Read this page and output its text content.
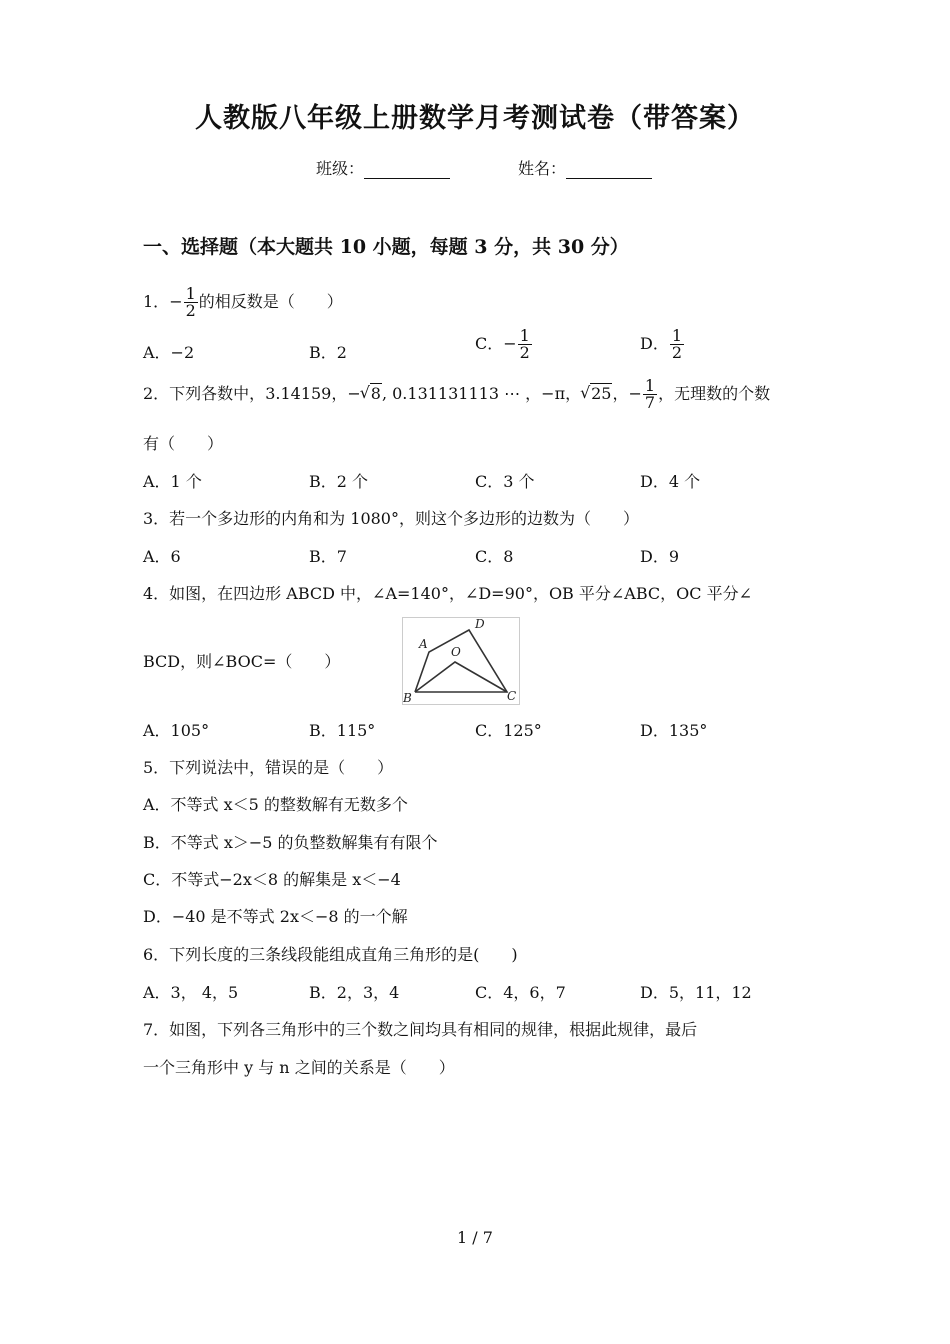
人教版八年级上册数学月考测试卷（带答案）
班级：	姓名：
一、选择题（本大题共 10 小题，每题 3 分，共 30 分）
1．− $\frac{1}{2}$ 的相反数是（　　）
A．−2	B．2	C．− $\frac{1}{2}$	D． $\frac{1}{2}$
2．下列各数中，3.14159，− √ 8, 0.131131113 ⋯ ，−π， √ 25，− $\frac{1}{7}$ ，无理数的个数
有（　　）
A．1 个	B．2 个	C．3 个	D．4 个
3．若一个多边形的内角和为 1080°，则这个多边形的边数为（　　）
A．6	B．7	C．8	D．9
4．如图，在四边形 ABCD 中，∠A=140°，∠D=90°，OB 平分∠ABC，OC 平分∠
BCD，则∠BOC=（　　）
A
D
O
B	C
A．105°	B．115°	C．125°	D．135°
5．下列说法中，错误的是（　　）
A．不等式 x＜5 的整数解有无数多个
B．不等式 x＞−5 的负整数解集有有限个
C．不等式−2x＜8 的解集是 x＜−4
D．−40 是不等式 2x＜−8 的一个解
6．下列长度的三条线段能组成直角三角形的是(　　)
A．3， 4，5	B．2，3，4	C．4，6，7	D．5，11，12
7．如图，下列各三角形中的三个数之间均具有相同的规律，根据此规律，最后
一个三角形中 y 与 n 之间的关系是（　　）
1 / 7
